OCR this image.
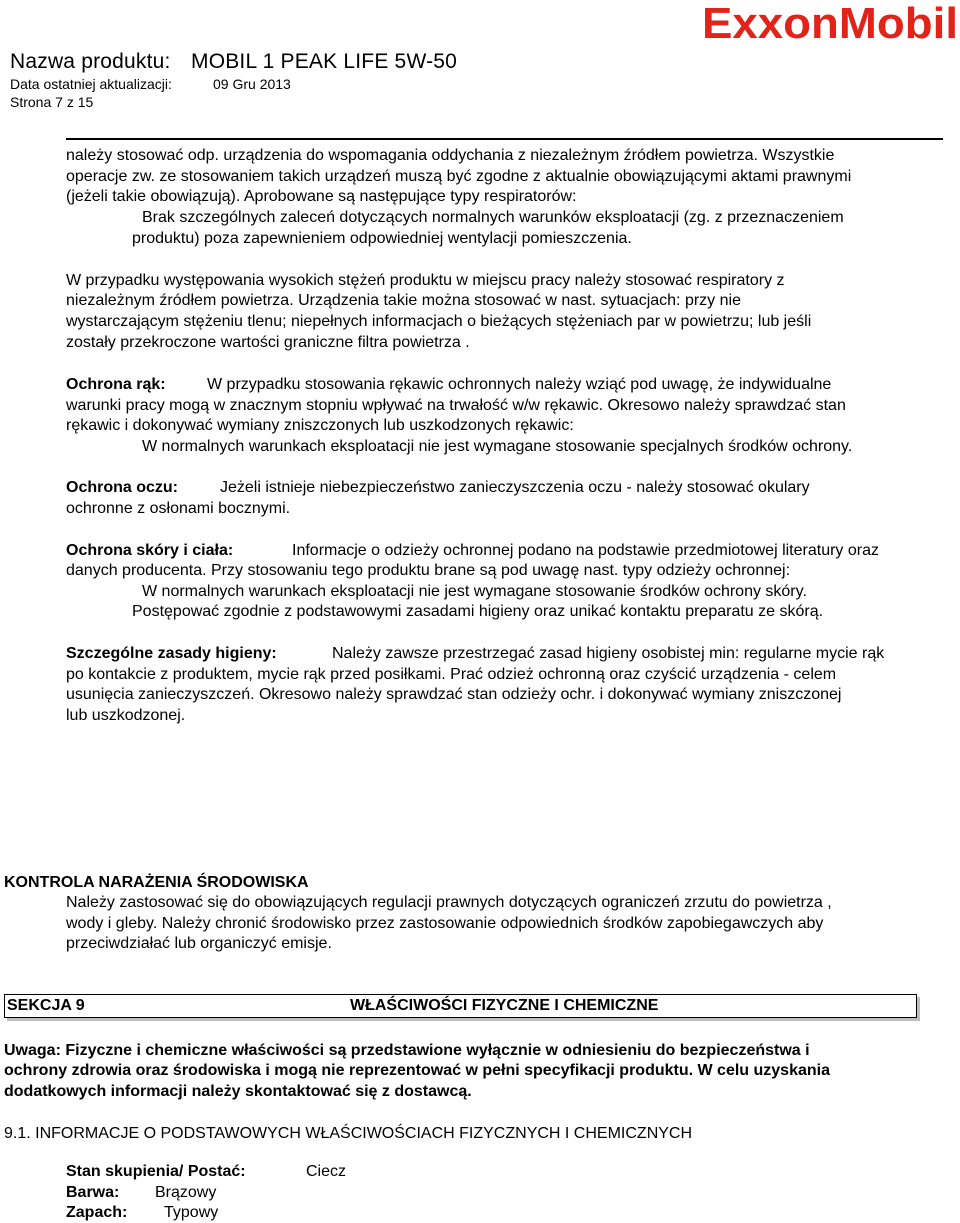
Nazwa produktu: MOBIL 1 PEAK LIFE 5W-50
Data ostatniej aktualizacji:	09 Gru 2013
Strona 7 z 15
ExxonMobil
należy stosować odp. urządzenia do wspomagania oddychania z niezależnym źródłem powietrza. Wszystkie
operacje zw. ze stosowaniem takich urządzeń muszą być zgodne z aktualnie obowiązującymi aktami prawnymi
(jeżeli takie obowiązują). Aprobowane są następujące typy respiratorów:
Brak szczególnych zaleceń dotyczących normalnych warunków eksploatacji (zg. z przeznaczeniem
produktu) poza zapewnieniem odpowiedniej wentylacji pomieszczenia.
W przypadku występowania wysokich stężeń produktu w miejscu pracy należy stosować respiratory z
niezależnym źródłem powietrza. Urządzenia takie można stosować w nast. sytuacjach: przy nie
wystarczającym stężeniu tlenu; niepełnych informacjach o bieżących stężeniach par w powietrzu; lub jeśli
zostały przekroczone wartości graniczne filtra powietrza .
Ochrona rąk:	W przypadku stosowania rękawic ochronnych należy wziąć pod uwagę, że indywidualne
warunki pracy mogą w znacznym stopniu wpływać na trwałość w/w rękawic. Okresowo należy sprawdzać stan
rękawic i dokonywać wymiany zniszczonych lub uszkodzonych rękawic:
W normalnych warunkach eksploatacji nie jest wymagane stosowanie specjalnych środków ochrony.
Ochrona oczu:	Jeżeli istnieje niebezpieczeństwo zanieczyszczenia oczu - należy stosować okulary
ochronne z osłonami bocznymi.
Ochrona skóry i ciała:	Informacje o odzieży ochronnej podano na podstawie przedmiotowej literatury oraz
danych producenta. Przy stosowaniu tego produktu brane są pod uwagę nast. typy odzieży ochronnej:
W normalnych warunkach eksploatacji nie jest wymagane stosowanie środków ochrony skóry.
Postępować zgodnie z podstawowymi zasadami higieny oraz unikać kontaktu preparatu ze skórą.
Szczególne zasady higieny:	Należy zawsze przestrzegać zasad higieny osobistej min: regularne mycie rąk
po kontakcie z produktem, mycie rąk przed posiłkami. Prać odzież ochronną oraz czyścić urządzenia - celem
usunięcia zanieczyszczeń. Okresowo należy sprawdzać stan odzieży ochr. i dokonywać wymiany zniszczonej
lub uszkodzonej.
KONTROLA NARAŻENIA ŚRODOWISKA
Należy zastosować się do obowiązujących regulacji prawnych dotyczących ograniczeń zrzutu do powietrza ,
wody i gleby. Należy chronić środowisko przez zastosowanie odpowiednich środków zapobiegawczych aby
przeciwdziałać lub organiczyć emisje.
SEKCJA 9	WŁAŚCIWOŚCI FIZYCZNE I CHEMICZNE
Uwaga: Fizyczne i chemiczne właściwości są przedstawione wyłącznie w odniesieniu do bezpieczeństwa i
ochrony zdrowia oraz środowiska i mogą nie reprezentować w pełni specyfikacji produktu. W celu uzyskania
dodatkowych informacji należy skontaktować się z dostawcą.
9.1. INFORMACJE O PODSTAWOWYCH WŁAŚCIWOŚCIACH FIZYCZNYCH I CHEMICZNYCH
Stan skupienia/ Postać:	Ciecz
Barwa: Brązowy
Zapach: Typowy
